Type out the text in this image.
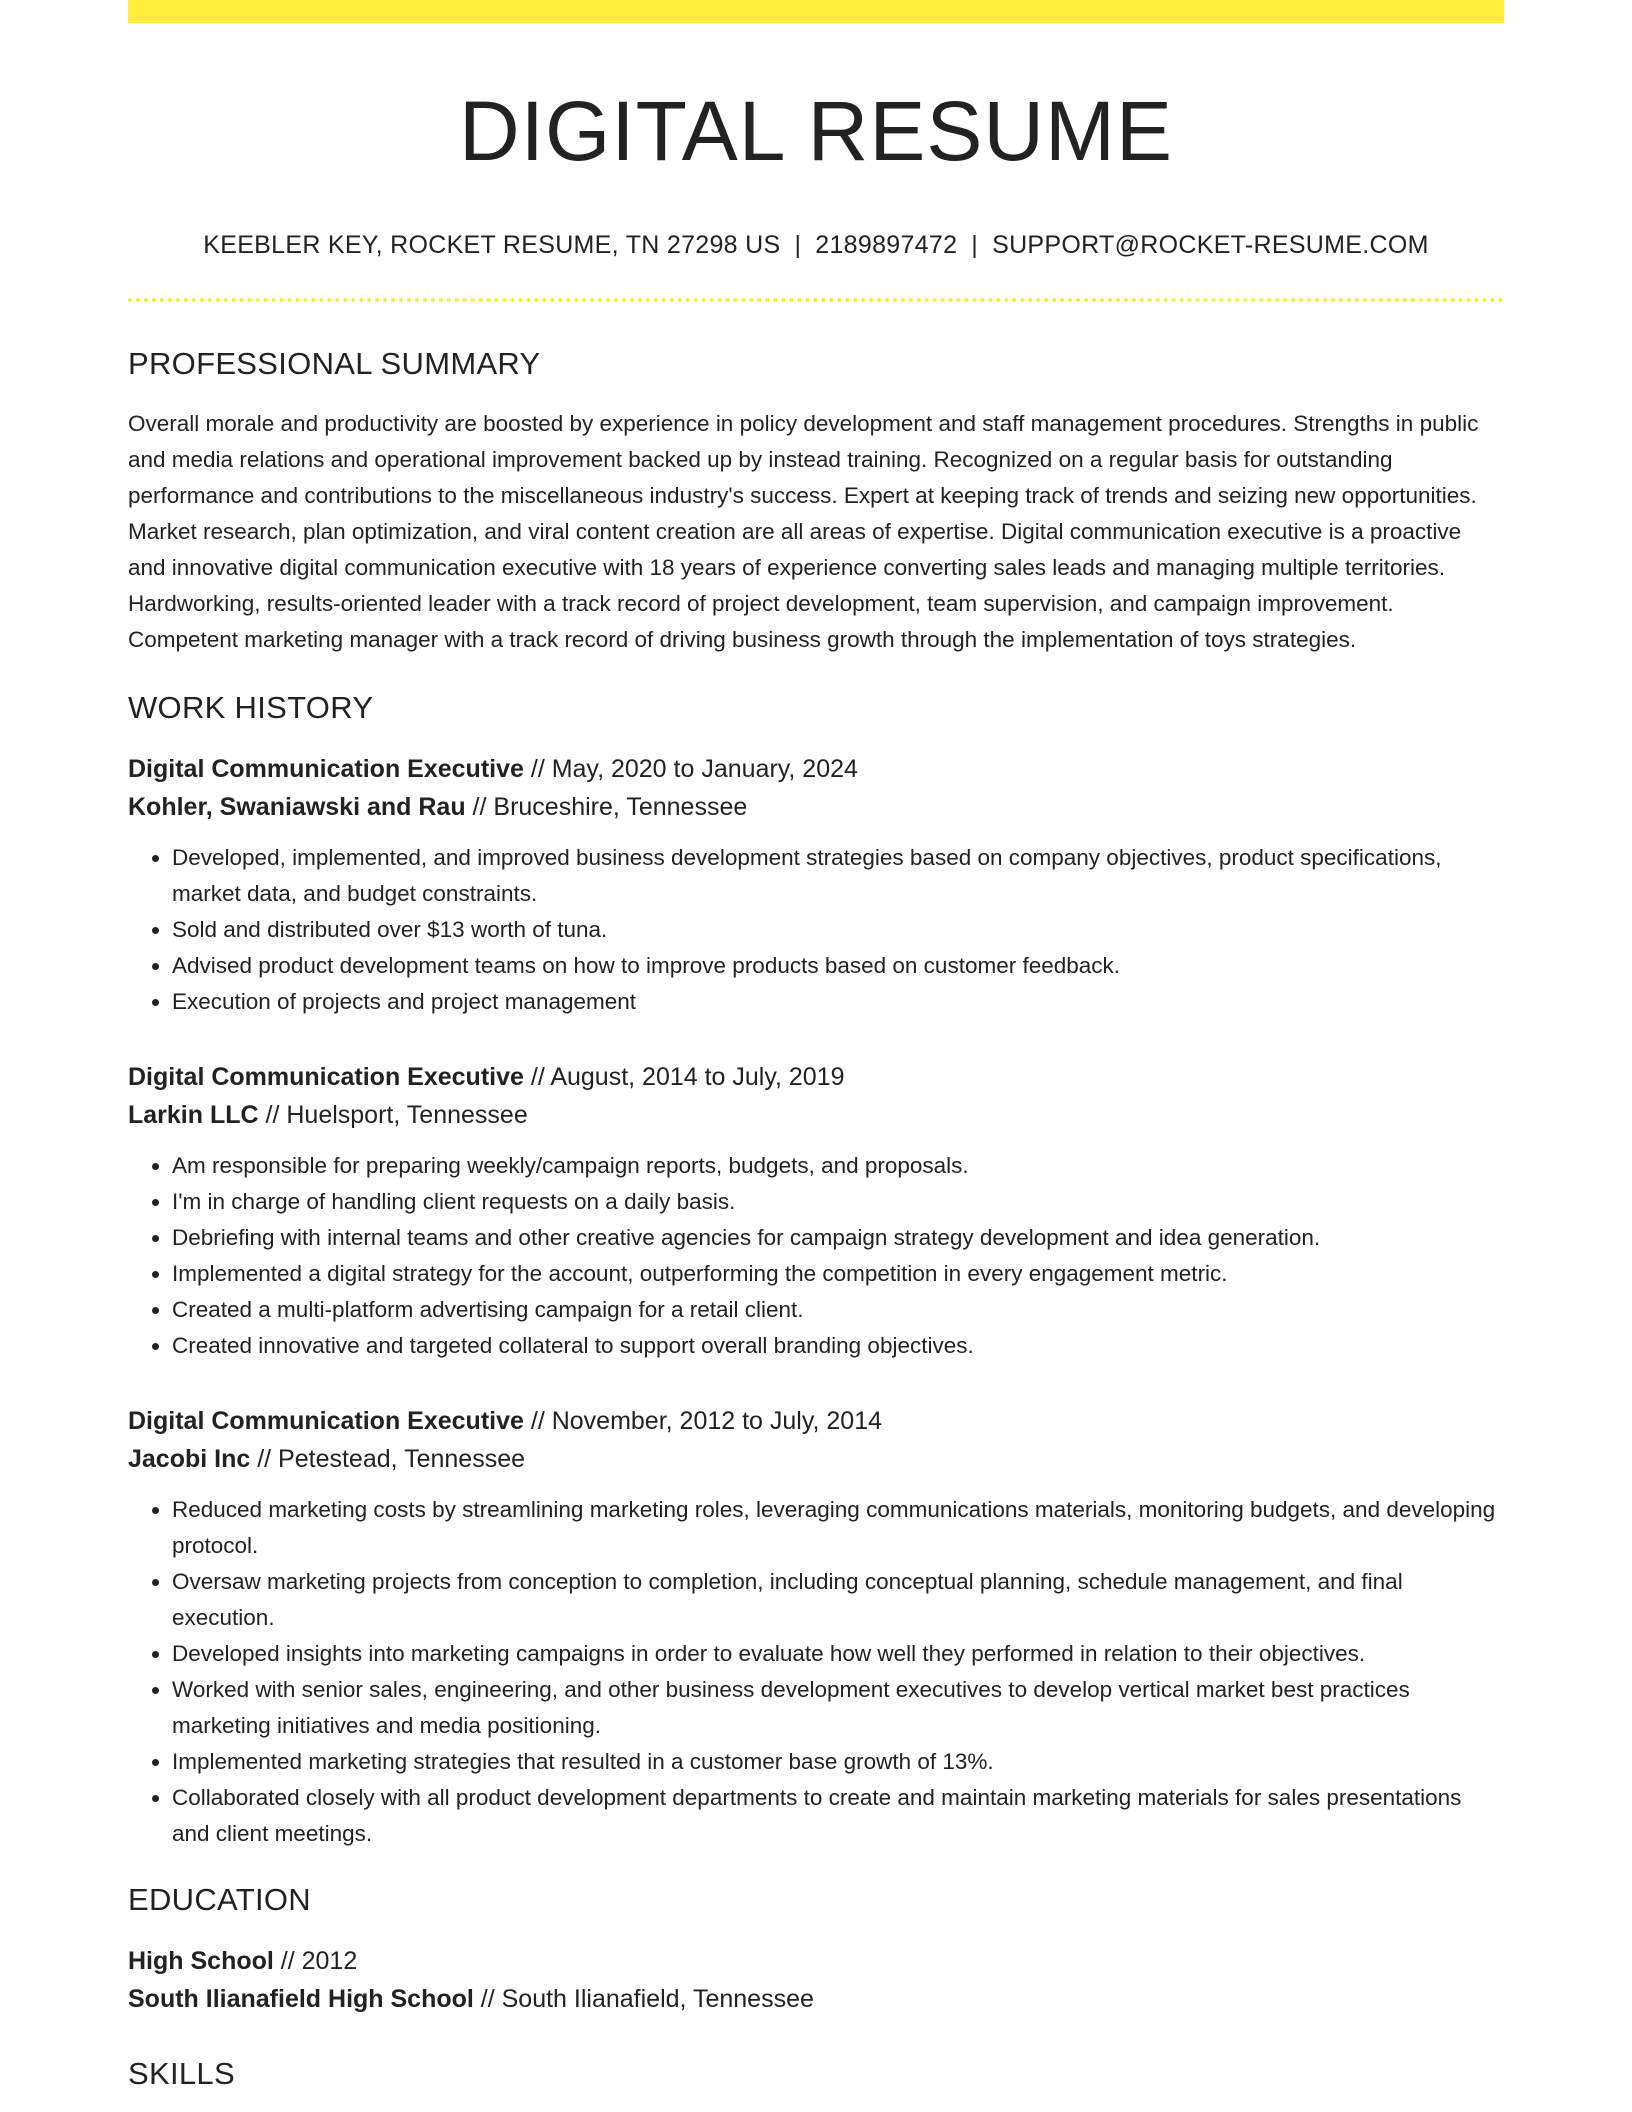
DIGITAL RESUME
KEEBLER KEY, ROCKET RESUME, TN 27298 US | 2189897472 | SUPPORT@ROCKET-RESUME.COM
PROFESSIONAL SUMMARY
Overall morale and productivity are boosted by experience in policy development and staff management procedures. Strengths in public and media relations and operational improvement backed up by instead training. Recognized on a regular basis for outstanding performance and contributions to the miscellaneous industry's success. Expert at keeping track of trends and seizing new opportunities. Market research, plan optimization, and viral content creation are all areas of expertise. Digital communication executive is a proactive and innovative digital communication executive with 18 years of experience converting sales leads and managing multiple territories. Hardworking, results-oriented leader with a track record of project development, team supervision, and campaign improvement. Competent marketing manager with a track record of driving business growth through the implementation of toys strategies.
WORK HISTORY
Digital Communication Executive // May, 2020 to January, 2024
Kohler, Swaniawski and Rau // Bruceshire, Tennessee
• Developed, implemented, and improved business development strategies based on company objectives, product specifications, market data, and budget constraints.
• Sold and distributed over $13 worth of tuna.
• Advised product development teams on how to improve products based on customer feedback.
• Execution of projects and project management
Digital Communication Executive // August, 2014 to July, 2019
Larkin LLC // Huelsport, Tennessee
• Am responsible for preparing weekly/campaign reports, budgets, and proposals.
• I'm in charge of handling client requests on a daily basis.
• Debriefing with internal teams and other creative agencies for campaign strategy development and idea generation.
• Implemented a digital strategy for the account, outperforming the competition in every engagement metric.
• Created a multi-platform advertising campaign for a retail client.
• Created innovative and targeted collateral to support overall branding objectives.
Digital Communication Executive // November, 2012 to July, 2014
Jacobi Inc // Petestead, Tennessee
• Reduced marketing costs by streamlining marketing roles, leveraging communications materials, monitoring budgets, and developing protocol.
• Oversaw marketing projects from conception to completion, including conceptual planning, schedule management, and final execution.
• Developed insights into marketing campaigns in order to evaluate how well they performed in relation to their objectives.
• Worked with senior sales, engineering, and other business development executives to develop vertical market best practices marketing initiatives and media positioning.
• Implemented marketing strategies that resulted in a customer base growth of 13%.
• Collaborated closely with all product development departments to create and maintain marketing materials for sales presentations and client meetings.
EDUCATION
High School // 2012
South Ilianafield High School // South Ilianafield, Tennessee
SKILLS
